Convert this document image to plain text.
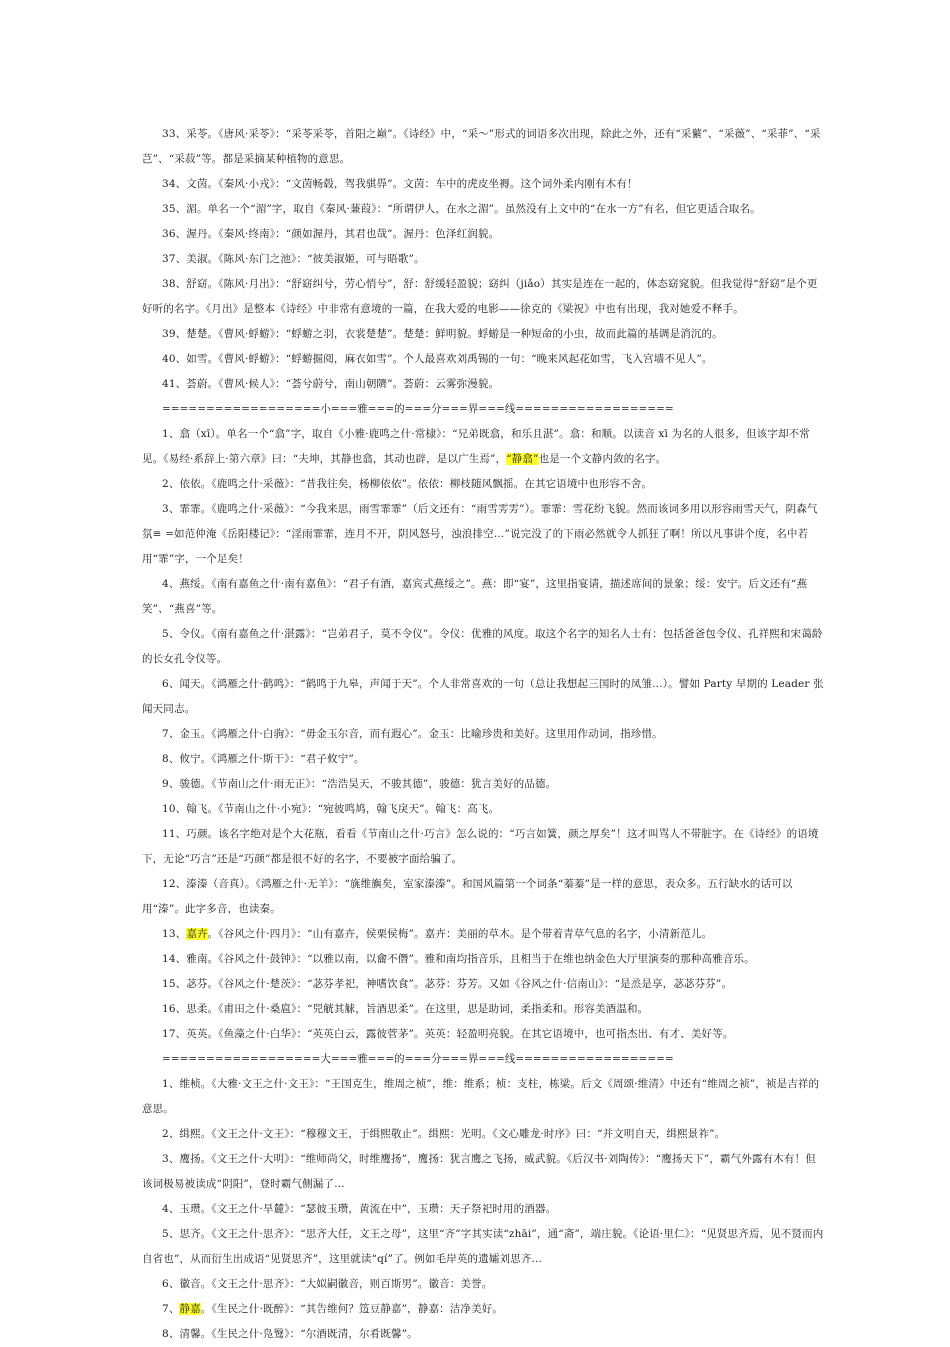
33、采苓。《唐风·采苓》：“采苓采苓，首阳之巅”。《诗经》中，“采～”形式的词语多次出现，除此之外，还有“采蘩”、“采薇”、“采菲”、“采芑”、“采菽”等。都是采摘某种植物的意思。

34、文茵。《秦风·小戎》：“文茵畅毂，驾我骐馵”。文茵：车中的虎皮坐褥。这个词外柔内刚有木有！

35、湄。单名一个“湄”字，取自《秦风·蒹葭》：“所谓伊人，在水之湄”。虽然没有上文中的“在水一方”有名，但它更适合取名。

36、渥丹。《秦风·终南》：“颜如渥丹，其君也哉”。渥丹：色泽红润貌。

37、美淑。《陈风·东门之池》：“彼美淑姬，可与晤歌”。

38、舒窈。《陈风·月出》：“舒窈纠兮，劳心悄兮”，舒：舒缓轻盈貌；窈纠（jiǎo）其实是连在一起的，体态窈窕貌。但我觉得“舒窈”是个更好听的名字。《月出》是整本《诗经》中非常有意境的一篇，在我大爱的电影——徐克的《梁祝》中也有出现，我对她爱不释手。

39、楚楚。《曹风·蜉蝣》：“蜉蝣之羽，衣裳楚楚”。楚楚：鲜明貌。蜉蝣是一种短命的小虫，故而此篇的基调是消沉的。

40、如雪。《曹风·蜉蝣》：“蜉蝣掘阅，麻衣如雪”。个人最喜欢刘禹锡的一句：“晚来风起花如雪，飞入宫墙不见人”。

41、荟蔚。《曹风·候人》：“荟兮蔚兮，南山朝隮”。荟蔚：云雾弥漫貌。

==================小===雅===的===分===界===线==================

1、翕（xī）。单名一个“翕”字，取自《小雅·鹿鸣之什·常棣》：“兄弟既翕，和乐且湛”。翕：和顺。以读音 xī 为名的人很多，但该字却不常见。《易经·系辞上·第六章》曰：“夫坤，其静也翕，其动也辟，是以广生焉”，“静翕”也是一个文静内敛的名字。

2、依依。《鹿鸣之什·采薇》：“昔我往矣，杨柳依依”。依依：柳枝随风飘摇。在其它语境中也形容不舍。

3、霏霏。《鹿鸣之什·采薇》：“今我来思，雨雪霏霏”（后文还有：“雨雪雱雱”）。霏霏：雪花纷飞貌。然而该词多用以形容雨雪天气，阴森气氛≡ =如范仲淹《岳阳楼记》：“淫雨霏霏，连月不开，阴风怒号，浊浪排空…”说完没了的下雨必然就令人抓狂了啊！所以凡事讲个度，名中若用“霏”字，一个足矣！

4、燕绥。《南有嘉鱼之什·南有嘉鱼》：“君子有酒，嘉宾式燕绥之”。燕：即“宴”，这里指宴请，描述席间的景象；绥：安宁。后文还有“燕笑”、“燕喜”等。

5、令仪。《南有嘉鱼之什·湛露》：“岂弟君子，莫不令仪”。令仪：优雅的风度。取这个名字的知名人士有：包括爸爸包令仪、孔祥熙和宋蔼龄的长女孔令仪等。

6、闻天。《鸿雁之什·鹤鸣》：“鹤鸣于九皋，声闻于天”。个人非常喜欢的一句（总让我想起三国时的凤雏…）。譬如 Party 早期的 Leader 张闻天同志。

7、金玉。《鸿雁之什·白驹》：“毋金玉尔音，而有遐心”。金玉：比喻珍贵和美好。这里用作动词，指珍惜。

8、攸宁。《鸿雁之什·斯干》：“君子攸宁”。

9、骏德。《节南山之什·雨无正》：“浩浩昊天，不骏其德”，骏德：犹言美好的品德。

10、翰飞。《节南山之什·小宛》：“宛彼鸣鸠，翰飞戾天”。翰飞：高飞。

11、巧颜。该名字绝对是个大花瓶，看看《节南山之什·巧言》怎么说的：“巧言如簧，颜之厚矣”！这才叫骂人不带脏字。在《诗经》的语境下，无论“巧言”还是“巧颜”都是很不好的名字，不要被字面给骗了。

12、溱溱（音真）。《鸿雁之什·无羊》：“旐维旟矣，室家溱溱”。和国风篇第一个词条“蓁蓁”是一样的意思，表众多。五行缺水的话可以用“溱”。此字多音，也读秦。

13、嘉卉。《谷风之什·四月》：“山有嘉卉，侯栗侯梅”。嘉卉：美丽的草木。是个带着青草气息的名字，小清新范儿。

14、雅南。《谷风之什·鼓钟》：“以雅以南，以龠不僭”。雅和南均指音乐，且相当于在维也纳金色大厅里演奏的那种高雅音乐。

15、苾芬。《谷风之什·楚茨》：“苾芬孝祀，神嗜饮食”。苾芬：芬芳。又如《谷风之什·信南山》：“是烝是享，苾苾芬芬”。

16、思柔。《甫田之什·桑扈》：“兕觥其觩，旨酒思柔”。在这里，思是助词，柔指柔和。形容美酒温和。

17、英英。《鱼藻之什·白华》：“英英白云，露彼菅茅”。英英：轻盈明亮貌。在其它语境中，也可指杰出、有才、美好等。

==================大===雅===的===分===界===线==================

1、维桢。《大雅·文王之什·文王》：“王国克生，维周之桢”，维：维系；桢：支柱，栋梁。后文《周颂·维清》中还有“维周之祯”，祯是吉祥的意思。

2、缉熙。《文王之什·文王》：“穆穆文王，于缉熙敬止”。缉熙：光明。《文心雕龙·时序》曰：“并文明自天，缉熙景祚”。

3、鹰扬。《文王之什·大明》：“维师尚父，时维鹰扬”，鹰扬：犹言鹰之飞扬，威武貌。《后汉书·刘陶传》：“鹰扬天下”，霸气外露有木有！但该词极易被读成“阴阳”，登时霸气侧漏了…

4、玉瓒。《文王之什·旱麓》：“瑟彼玉瓒，黄流在中”，玉瓒：天子祭祀时用的酒器。

5、思齐。《文王之什·思齐》：“思齐大任，文王之母”，这里“齐”字其实读“zhāi”，通“斋”，端庄貌。《论语·里仁》：“见贤思齐焉，见不贤而内自省也”，从而衍生出成语“见贤思齐”，这里就读“qí”了。例如毛岸英的遗孀刘思齐…

6、徽音。《文王之什·思齐》：“大姒嗣徽音，则百斯男”。徽音：美誉。

7、静嘉。《生民之什·既醉》：“其告维何？笾豆静嘉”，静嘉：洁净美好。

8、清馨。《生民之什·凫鹥》：“尔酒既清，尔肴既馨”。
